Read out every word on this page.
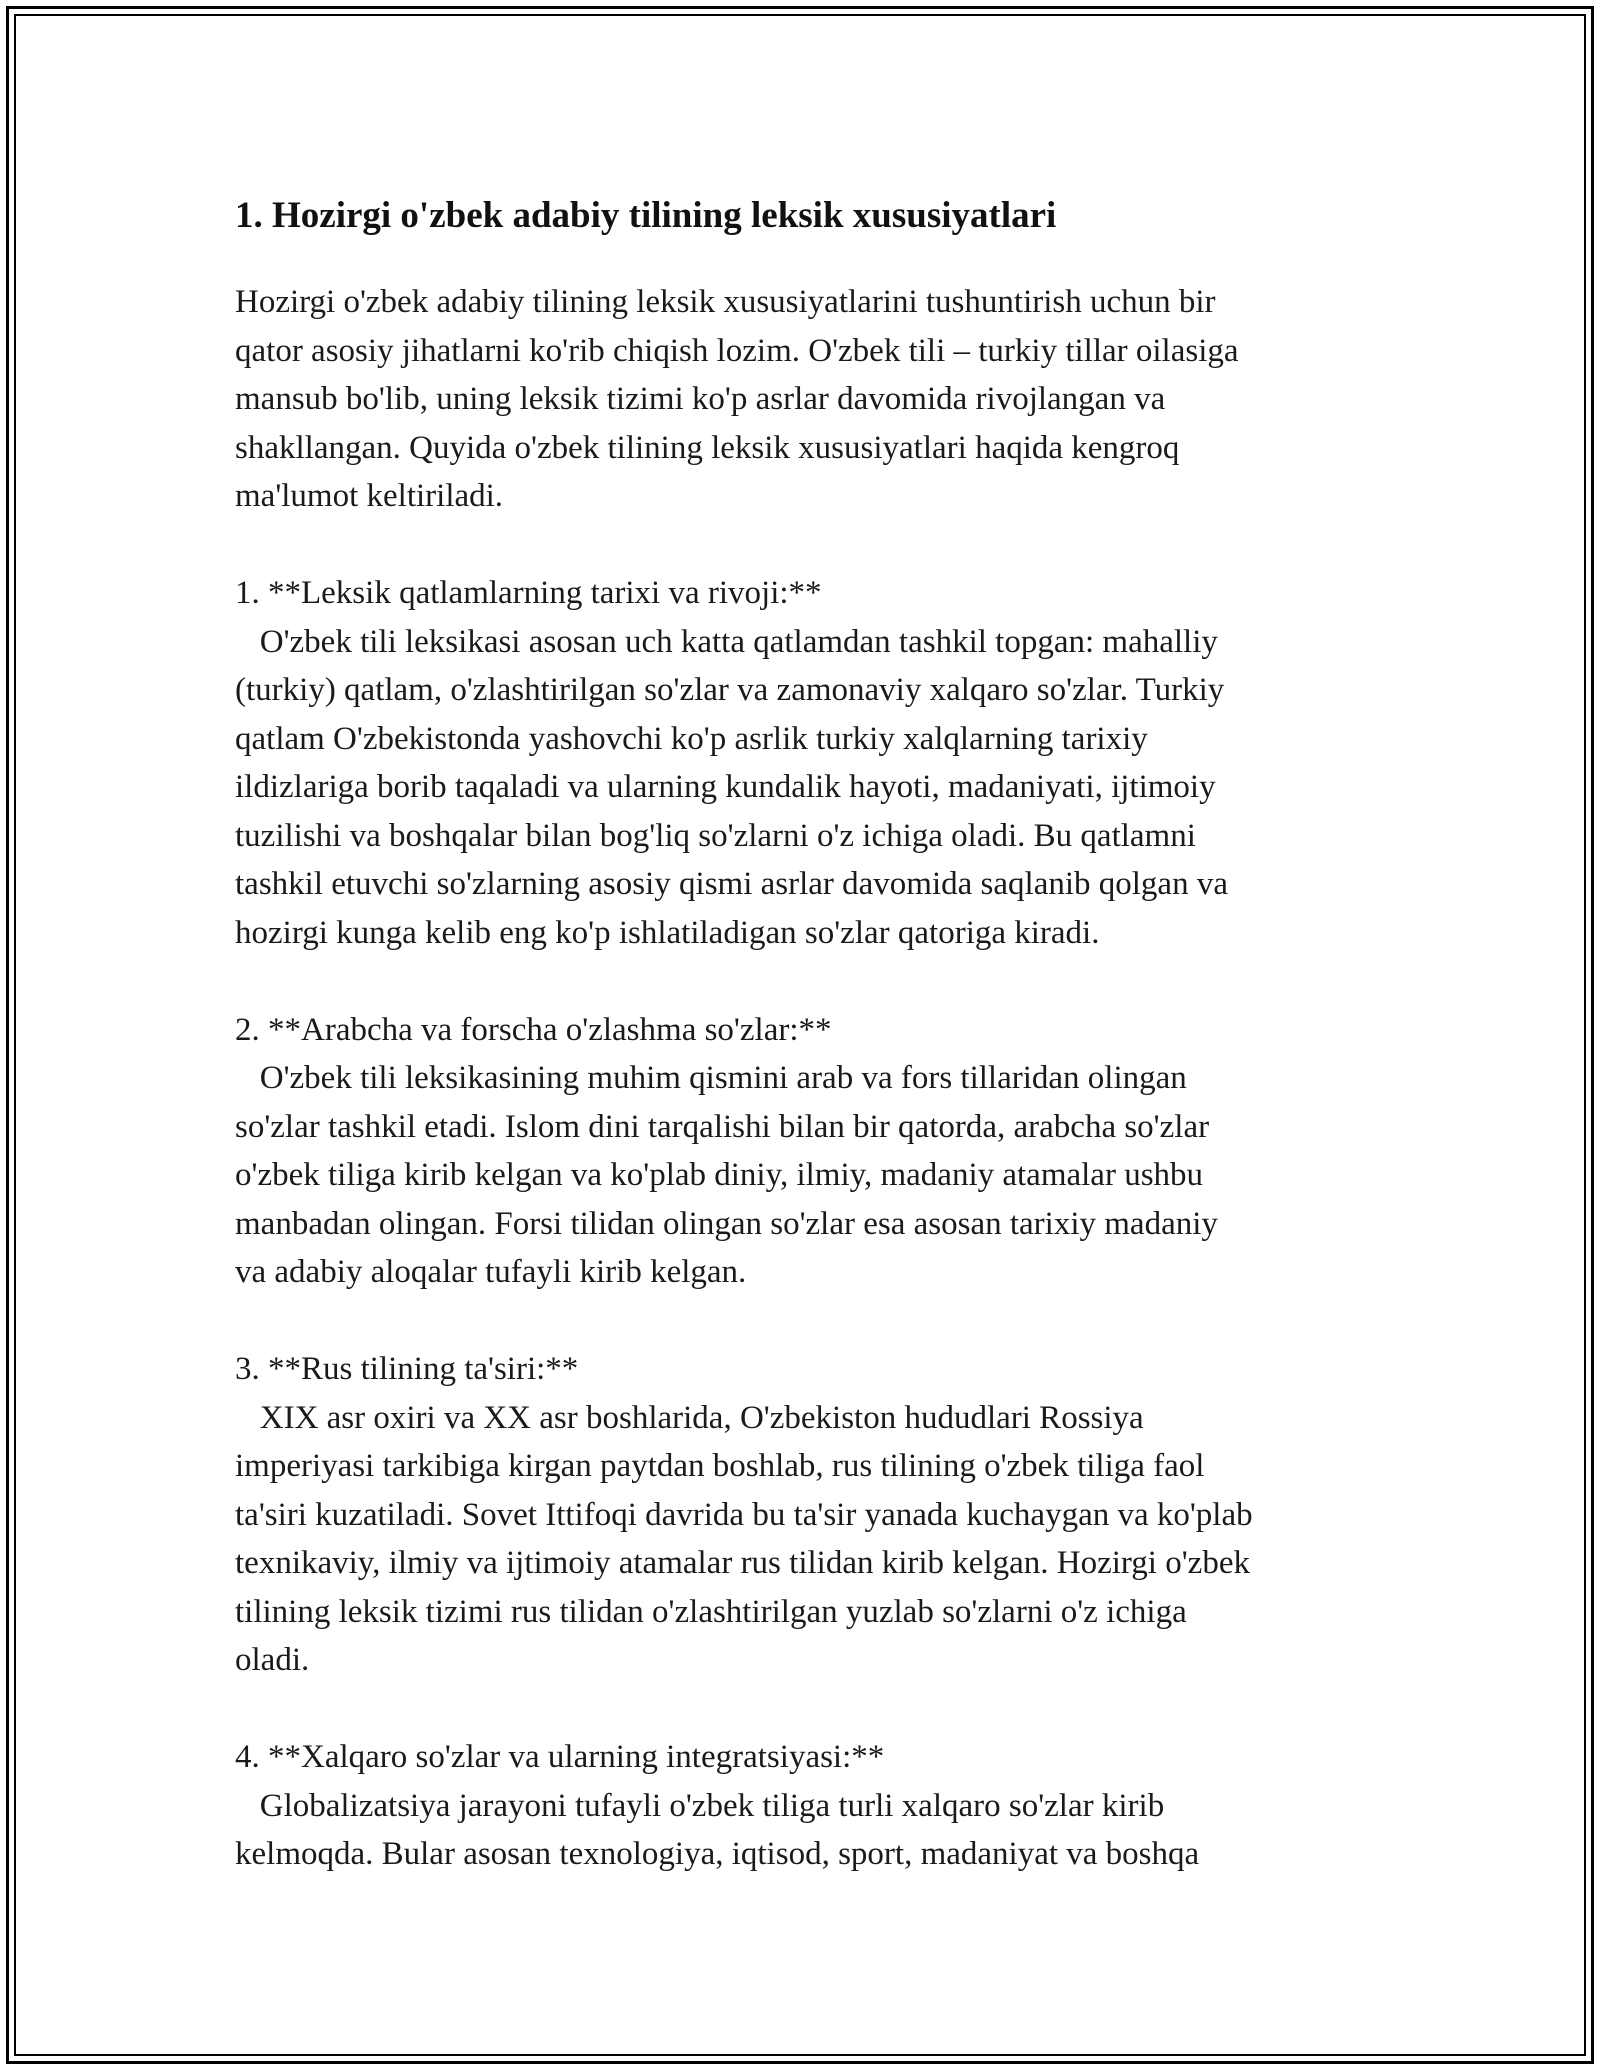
1. Hozirgi o'zbek adabiy tilining leksik xususiyatlari

Hozirgi o'zbek adabiy tilining leksik xususiyatlarini tushuntirish uchun bir
qator asosiy jihatlarni ko'rib chiqish lozim. O'zbek tili – turkiy tillar oilasiga
mansub bo'lib, uning leksik tizimi ko'p asrlar davomida rivojlangan va
shakllangan. Quyida o'zbek tilining leksik xususiyatlari haqida kengroq
ma'lumot keltiriladi.

1. **Leksik qatlamlarning tarixi va rivoji:**

O'zbek tili leksikasi asosan uch katta qatlamdan tashkil topgan: mahalliy
(turkiy) qatlam, o'zlashtirilgan so'zlar va zamonaviy xalqaro so'zlar. Turkiy
qatlam O'zbekistonda yashovchi ko'p asrlik turkiy xalqlarning tarixiy
ildizlariga borib taqaladi va ularning kundalik hayoti, madaniyati, ijtimoiy
tuzilishi va boshqalar bilan bog'liq so'zlarni o'z ichiga oladi. Bu qatlamni
tashkil etuvchi so'zlarning asosiy qismi asrlar davomida saqlanib qolgan va
hozirgi kunga kelib eng ko'p ishlatiladigan so'zlar qatoriga kiradi.

2. **Arabcha va forscha o'zlashma so'zlar:**

O'zbek tili leksikasining muhim qismini arab va fors tillaridan olingan
so'zlar tashkil etadi. Islom dini tarqalishi bilan bir qatorda, arabcha so'zlar
o'zbek tiliga kirib kelgan va ko'plab diniy, ilmiy, madaniy atamalar ushbu
manbadan olingan. Forsi tilidan olingan so'zlar esa asosan tarixiy madaniy
va adabiy aloqalar tufayli kirib kelgan.

3. **Rus tilining ta'siri:**

XIX asr oxiri va XX asr boshlarida, O'zbekiston hududlari Rossiya
imperiyasi tarkibiga kirgan paytdan boshlab, rus tilining o'zbek tiliga faol
ta'siri kuzatiladi. Sovet Ittifoqi davrida bu ta'sir yanada kuchaygan va ko'plab
texnikaviy, ilmiy va ijtimoiy atamalar rus tilidan kirib kelgan. Hozirgi o'zbek
tilining leksik tizimi rus tilidan o'zlashtirilgan yuzlab so'zlarni o'z ichiga
oladi.

4. **Xalqaro so'zlar va ularning integratsiyasi:**

Globalizatsiya jarayoni tufayli o'zbek tiliga turli xalqaro so'zlar kirib
kelmoqda. Bular asosan texnologiya, iqtisod, sport, madaniyat va boshqa
